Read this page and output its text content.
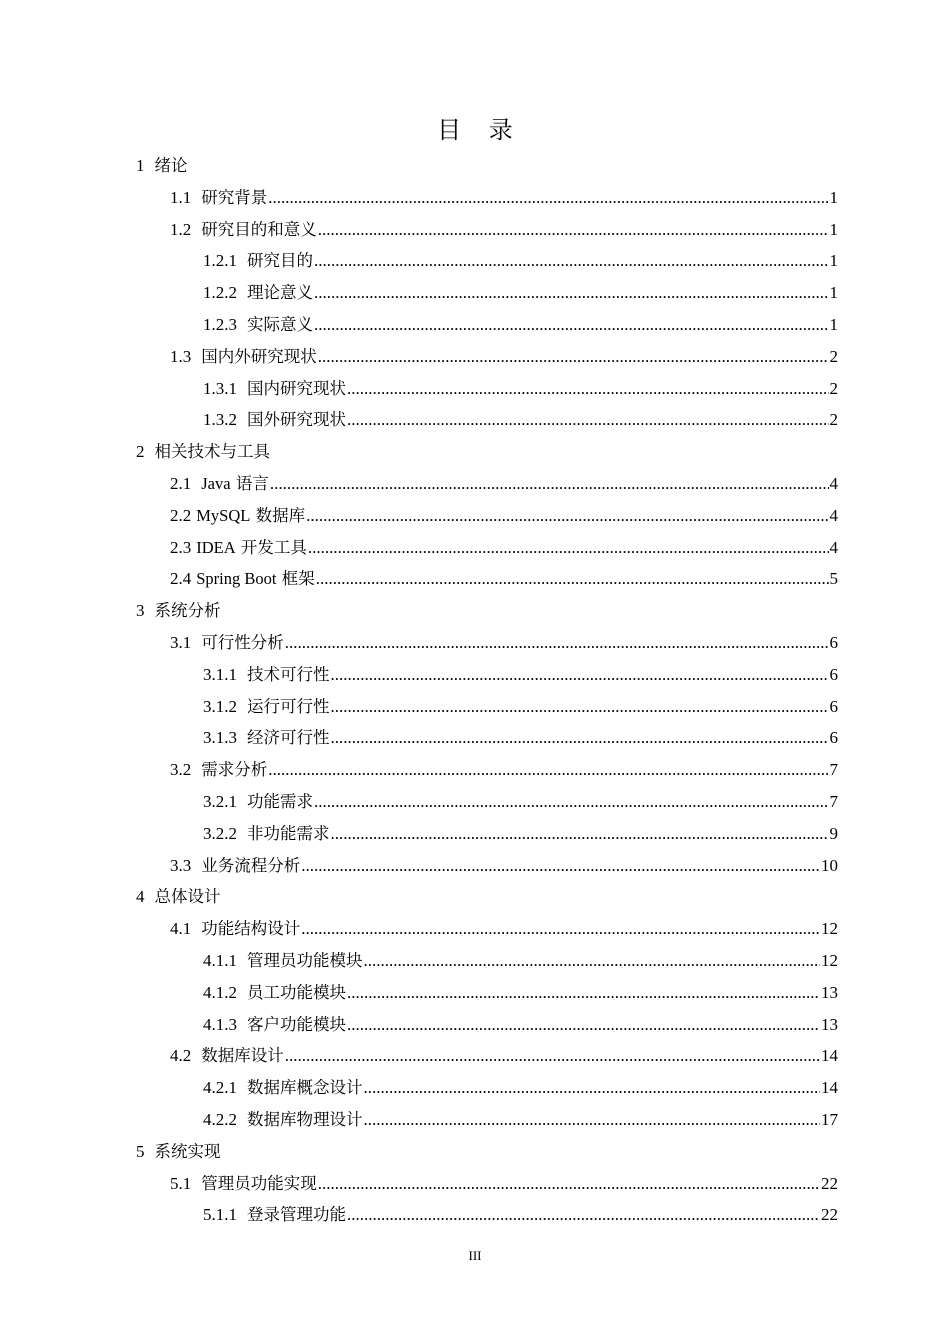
目 录
1 绪论
1.1 研究背景 .....	1
1.2 研究目的和意义 .....	1
1.2.1 研究目的 .....	1
1.2.2 理论意义 .....	1
1.2.3 实际意义 .....	1
1.3 国内外研究现状 .....	2
1.3.1 国内研究现状 .....	2
1.3.2 国外研究现状 .....	2
2 相关技术与工具
2.1 Java 语言 .....	4
2.2 MySQL 数据库 .....	4
2.3 IDEA 开发工具 .....	4
2.4 Spring Boot 框架 .....	5
3 系统分析
3.1 可行性分析 .....	6
3.1.1 技术可行性 .....	6
3.1.2 运行可行性 .....	6
3.1.3 经济可行性 .....	6
3.2 需求分析 .....	7
3.2.1 功能需求 .....	7
3.2.2 非功能需求 .....	9
3.3 业务流程分析 .....	10
4 总体设计
4.1 功能结构设计 .....	12
4.1.1 管理员功能模块 .....	12
4.1.2 员工功能模块 .....	13
4.1.3 客户功能模块 .....	13
4.2 数据库设计 .....	14
4.2.1 数据库概念设计 .....	14
4.2.2 数据库物理设计 .....	17
5 系统实现
5.1 管理员功能实现 .....	22
5.1.1 登录管理功能 .....	22
III
